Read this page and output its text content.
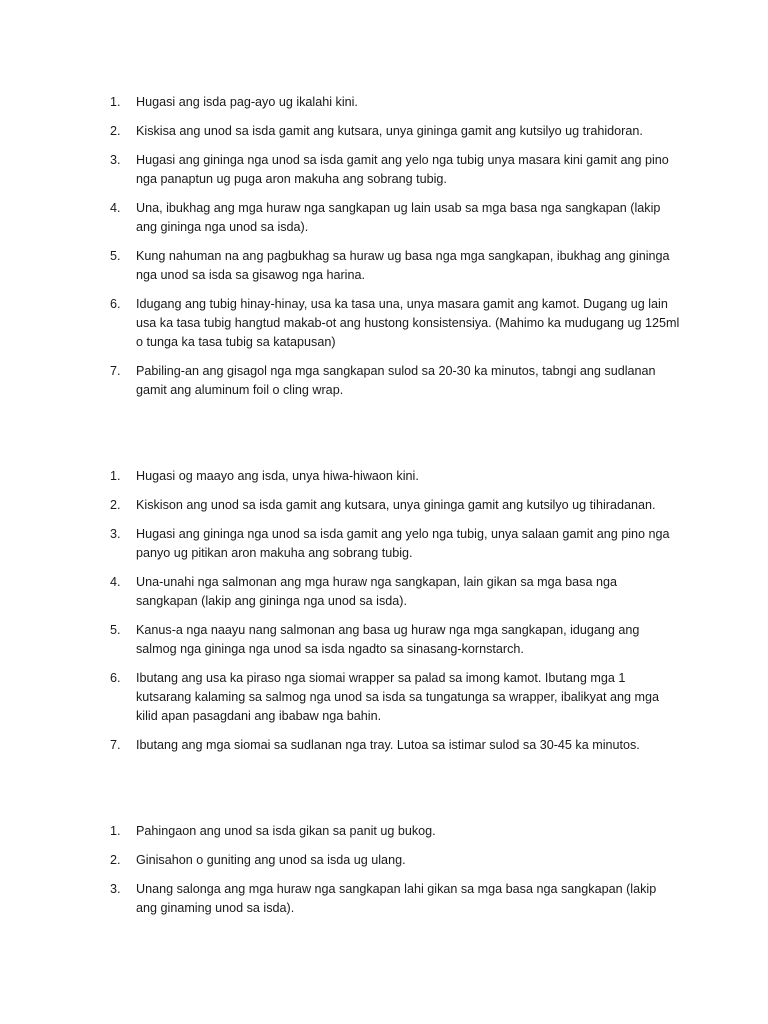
1.	Hugasi ang isda pag-ayo ug ikalahi kini.
2.	Kiskisa ang unod sa isda gamit ang kutsara, unya gininga gamit ang kutsilyo ug trahidoran.
3.	Hugasi ang gininga nga unod sa isda gamit ang yelo nga tubig unya masara kini gamit ang pino nga panaptun ug puga aron makuha ang sobrang tubig.
4.	Una, ibukhag ang mga huraw nga sangkapan ug lain usab sa mga basa nga sangkapan (lakip ang gininga nga unod sa isda).
5.	Kung nahuman na ang pagbukhag sa huraw ug basa nga mga sangkapan, ibukhag ang gininga nga unod sa isda sa gisawog nga harina.
6.	Idugang ang tubig hinay-hinay, usa ka tasa una, unya masara gamit ang kamot. Dugang ug lain usa ka tasa tubig hangtud makab-ot ang hustong konsistensiya. (Mahimo ka mudugang ug 125ml o tunga ka tasa tubig sa katapusan)
7.	Pabiling-an ang gisagol nga mga sangkapan sulod sa 20-30 ka minutos, tabngi ang sudlanan gamit ang aluminum foil o cling wrap.
1.	Hugasi og maayo ang isda, unya hiwa-hiwaon kini.
2.	Kiskison ang unod sa isda gamit ang kutsara, unya gininga gamit ang kutsilyo ug tihiradanan.
3.	Hugasi ang gininga nga unod sa isda gamit ang yelo nga tubig, unya salaan gamit ang pino nga panyo ug pitikan aron makuha ang sobrang tubig.
4.	Una-unahi nga salmonan ang mga huraw nga sangkapan, lain gikan sa mga basa nga sangkapan (lakip ang gininga nga unod sa isda).
5.	Kanus-a nga naayu nang salmonan ang basa ug huraw nga mga sangkapan, idugang ang salmog nga gininga nga unod sa isda ngadto sa sinasang-kornstarch.
6.	Ibutang ang usa ka piraso nga siomai wrapper sa palad sa imong kamot. Ibutang mga 1 kutsarang kalaming sa salmog nga unod sa isda sa tungatunga sa wrapper, ibalikyat ang mga kilid apan pasagdani ang ibabaw nga bahin.
7.	Ibutang ang mga siomai sa sudlanan nga tray. Lutoa sa istimar sulod sa 30-45 ka minutos.
1.	Pahingaon ang unod sa isda gikan sa panit ug bukog.
2.	Ginisahon o guniting ang unod sa isda ug ulang.
3.	Unang salonga ang mga huraw nga sangkapan lahi gikan sa mga basa nga sangkapan (lakip ang ginaming unod sa isda).
